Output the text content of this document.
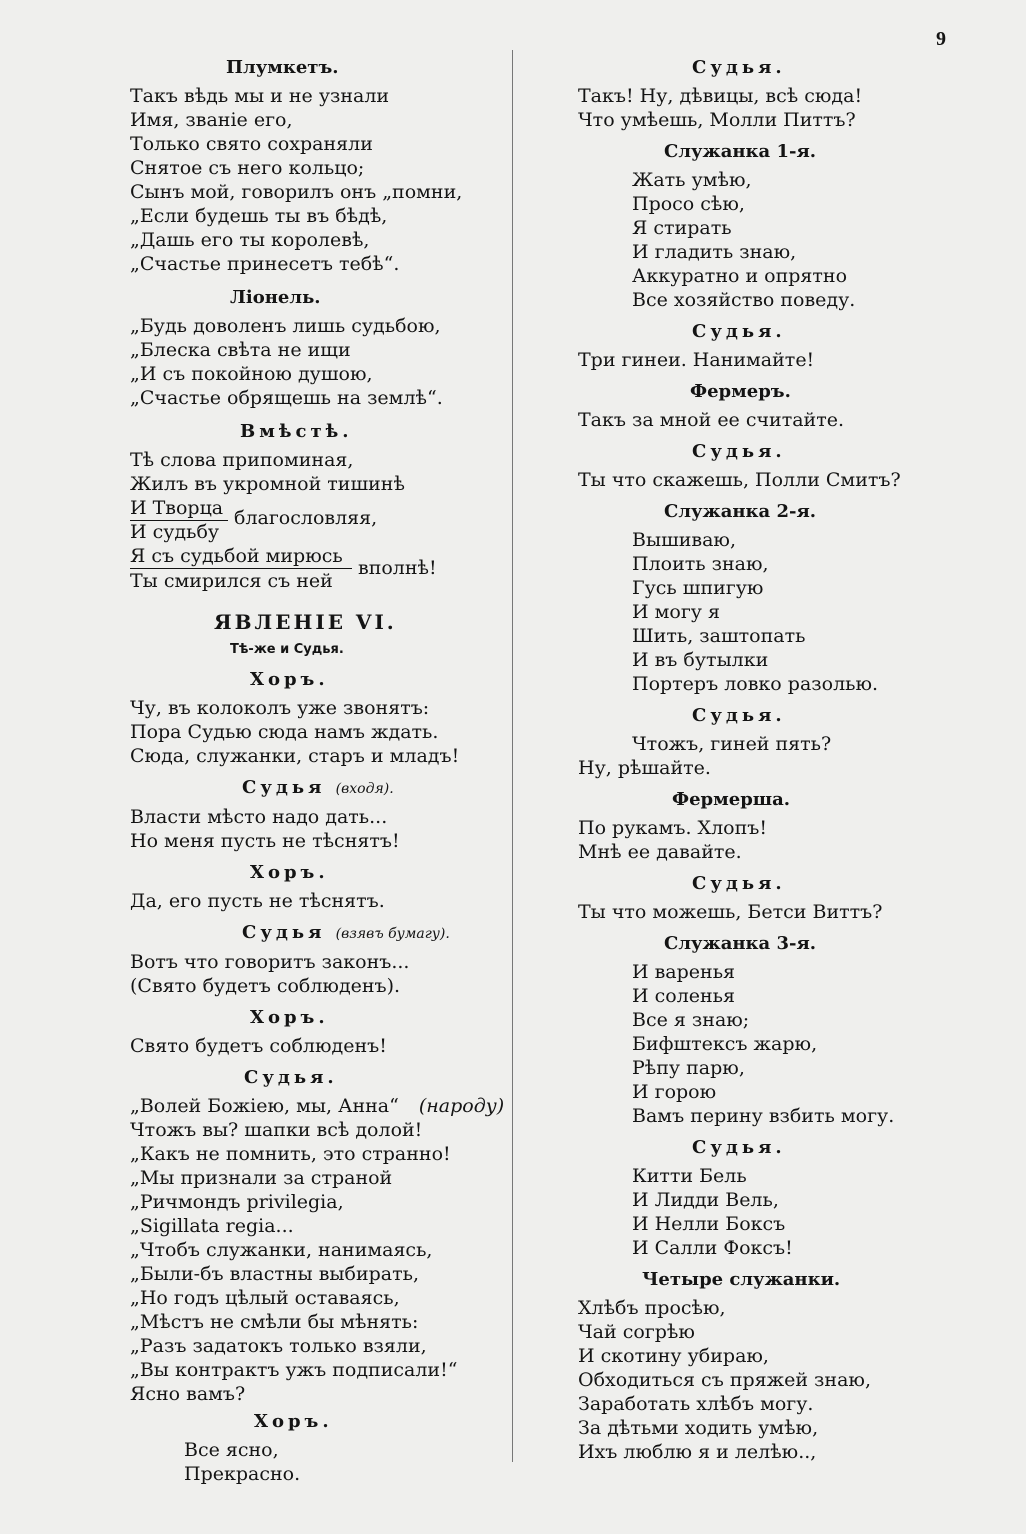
9
Плумкетъ.
Такъ вѣдь мы и не узнали
Имя, званіе его,
Только свято сохраняли
Снятое съ него кольцо;
Сынъ мой, говорилъ онъ „помни,
„Если будешь ты въ бѣдѣ,
„Дашь его ты королевѣ,
„Счастье принесетъ тебѣ“.
Ліонель.
„Будь доволенъ лишь судьбою,
„Блеска свѣта не ищи
„И съ покойною душою,
„Счастье обрящешь на землѣ“.
Вмѣстѣ.
Тѣ слова припоминая,
Жилъ въ укромной тишинѣ
И Творца
И судьбу
благословляя,
Я съ судьбой мирюсь
Ты смирился съ ней
вполнѣ!
ЯВЛЕНІЕ VI.
Тѣ-же и Судья.
Хоръ.
Чу, въ колоколъ уже звонятъ:
Пора Судью сюда намъ ждать.
Сюда, служанки, старъ и младъ!
Судья (входя).
Власти мѣсто надо дать...
Но меня пусть не тѣснятъ!
Хоръ.
Да, его пусть не тѣснятъ.
Судья (взявъ бумагу).
Вотъ что говоритъ законъ...
(Свято будетъ соблюденъ).
Хоръ.
Свято будетъ соблюденъ!
Судья.
„Волей Божіею, мы, Анна“ (народу)
Чтожъ вы? шапки всѣ долой!
„Какъ не помнить, это странно!
„Мы признали за страной
„Ричмондъ privilegia,
„Sigillata regia...
„Чтобъ служанки, нанимаясь,
„Были-бъ властны выбирать,
„Но годъ цѣлый оставаясь,
„Мѣстъ не смѣли бы мѣнять:
„Разъ задатокъ только взяли,
„Вы контрактъ ужъ подписали!“
Ясно вамъ?
Хоръ.
Все ясно,
Прекрасно.
Судья.
Такъ! Ну, дѣвицы, всѣ сюда!
Что умѣешь, Молли Питтъ?
Служанка 1-я.
Жать умѣю,
Просо сѣю,
Я стирать
И гладить знаю,
Аккуратно и опрятно
Все хозяйство поведу.
Судья.
Три гинеи. Нанимайте!
Фермеръ.
Такъ за мной ее считайте.
Судья.
Ты что скажешь, Полли Смитъ?
Служанка 2-я.
Вышиваю,
Плоить знаю,
Гусь шпигую
И могу я
Шить, заштопать
И въ бутылки
Портеръ ловко разолью.
Судья.
Чтожъ, гиней пять?
Ну, рѣшайте.
Фермерша.
По рукамъ. Хлопъ!
Мнѣ ее давайте.
Судья.
Ты что можешь, Бетси Виттъ?
Служанка 3-я.
И варенья
И соленья
Все я знаю;
Бифштексъ жарю,
Рѣпу парю,
И горою
Вамъ перину взбить могу.
Судья.
Китти Бель
И Лидди Вель,
И Нелли Боксъ
И Салли Фоксъ!
Четыре служанки.
Хлѣбъ просѣю,
Чай согрѣю
И скотину убираю,
Обходиться съ пряжей знаю,
Заработать хлѣбъ могу.
За дѣтьми ходить умѣю,
Ихъ люблю я и лелѣю..,
